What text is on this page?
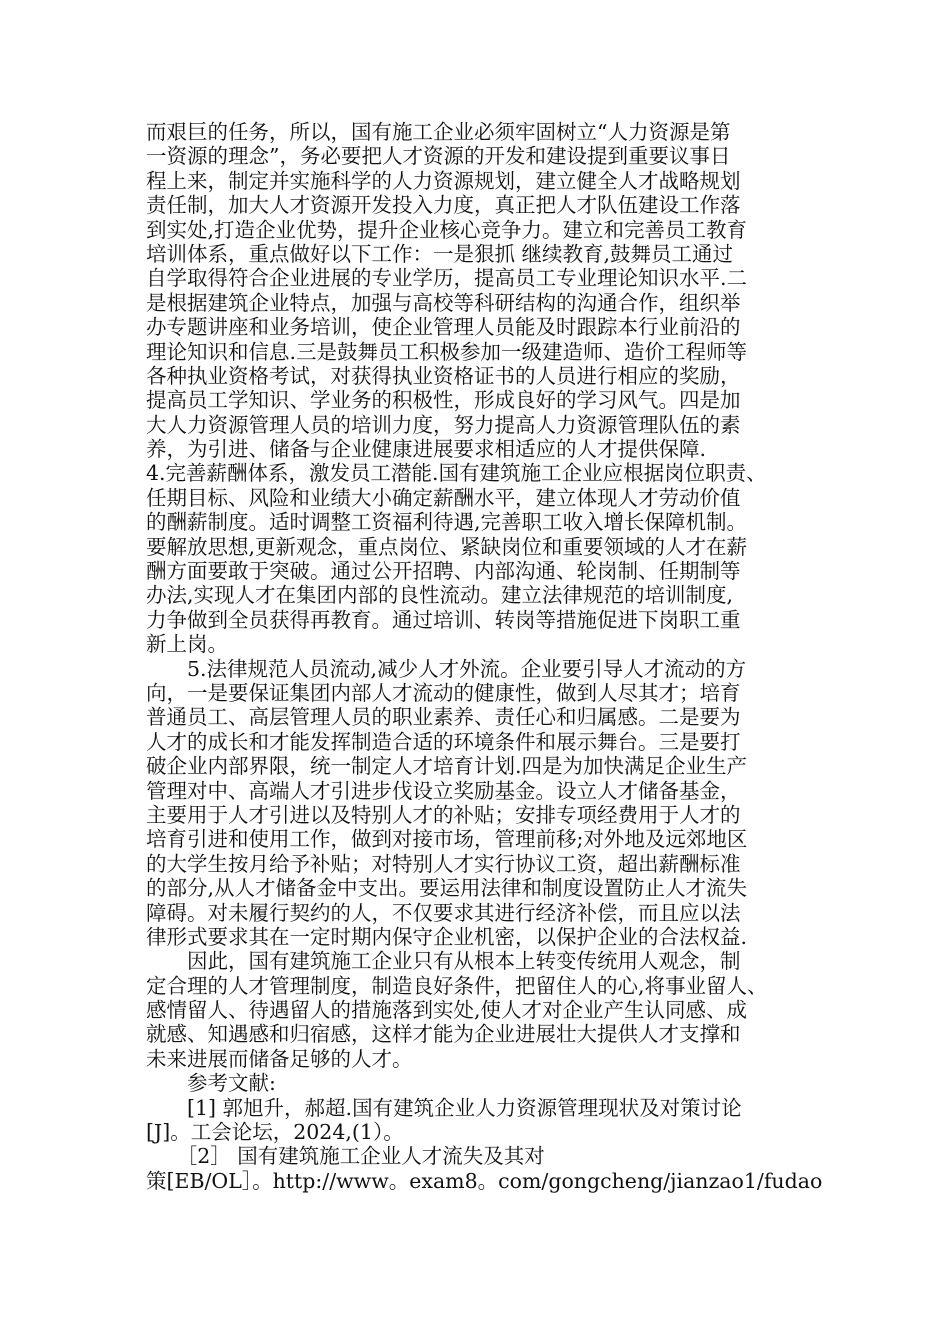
而艰巨的任务，所以，国有施工企业必须牢固树立“人力资源是第
一资源的理念”，务必要把人才资源的开发和建设提到重要议事日
程上来，制定并实施科学的人力资源规划，建立健全人才战略规划
责任制，加大人才资源开发投入力度，真正把人才队伍建设工作落
到实处,打造企业优势，提升企业核心竞争力。建立和完善员工教育
培训体系，重点做好以下工作：一是狠抓 继续教育,鼓舞员工通过
自学取得符合企业进展的专业学历，提高员工专业理论知识水平.二
是根据建筑企业特点，加强与高校等科研结构的沟通合作，组织举
办专题讲座和业务培训，使企业管理人员能及时跟踪本行业前沿的
理论知识和信息.三是鼓舞员工积极参加一级建造师、造价工程师等
各种执业资格考试，对获得执业资格证书的人员进行相应的奖励，
提高员工学知识、学业务的积极性，形成良好的学习风气。四是加
大人力资源管理人员的培训力度，努力提高人力资源管理队伍的素
养，为引进、储备与企业健康进展要求相适应的人才提供保障.
4.完善薪酬体系，激发员工潜能.国有建筑施工企业应根据岗位职责、
任期目标、风险和业绩大小确定薪酬水平，建立体现人才劳动价值
的酬薪制度。适时调整工资福利待遇,完善职工收入增长保障机制。
要解放思想,更新观念，重点岗位、紧缺岗位和重要领域的人才在薪
酬方面要敢于突破。通过公开招聘、内部沟通、轮岗制、任期制等
办法,实现人才在集团内部的良性流动。建立法律规范的培训制度,
力争做到全员获得再教育。通过培训、转岗等措施促进下岗职工重
新上岗。
　　5.法律规范人员流动,减少人才外流。企业要引导人才流动的方
向，一是要保证集团内部人才流动的健康性，做到人尽其才；培育
普通员工、高层管理人员的职业素养、责任心和归属感。二是要为
人才的成长和才能发挥制造合适的环境条件和展示舞台。三是要打
破企业内部界限，统一制定人才培育计划.四是为加快满足企业生产
管理对中、高端人才引进步伐设立奖励基金。设立人才储备基金，
主要用于人才引进以及特别人才的补贴；安排专项经费用于人才的
培育引进和使用工作，做到对接市场，管理前移;对外地及远郊地区
的大学生按月给予补贴；对特别人才实行协议工资，超出薪酬标准
的部分,从人才储备金中支出。要运用法律和制度设置防止人才流失
障碍。对未履行契约的人，不仅要求其进行经济补偿，而且应以法
律形式要求其在一定时期内保守企业机密，以保护企业的合法权益.
　　因此，国有建筑施工企业只有从根本上转变传统用人观念，制
定合理的人才管理制度，制造良好条件，把留住人的心,将事业留人、
感情留人、待遇留人的措施落到实处,使人才对企业产生认同感、成
就感、知遇感和归宿感，这样才能为企业进展壮大提供人才支撑和
未来进展而储备足够的人才。
　　参考文献:
　　[1] 郭旭升，郝超.国有建筑企业人力资源管理现状及对策讨论
[J]。工会论坛，2024,(1）。
　　［2］ 国有建筑施工企业人才流失及其对
策[EB/OL］。http://www。exam8。com/gongcheng/jianzao1/fudao
